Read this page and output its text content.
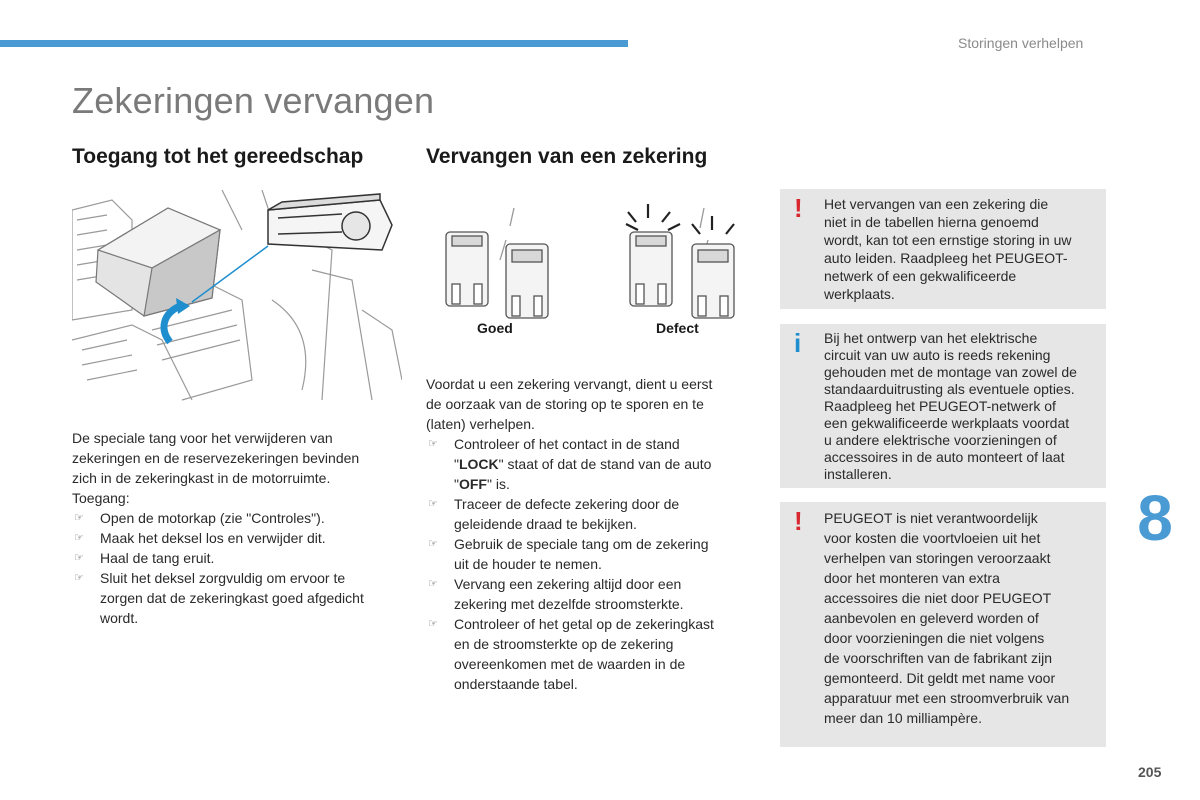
Storingen verhelpen
Zekeringen vervangen
Toegang tot het gereedschap	Vervangen van een zekering
Goed	Defect
De speciale tang voor het verwijderen van
zekeringen en de reservezekeringen bevinden
zich in de zekeringkast in de motorruimte.
Toegang:
☞ Open de motorkap (zie "Controles").
☞ Maak het deksel los en verwijder dit.
☞ Haal de tang eruit.
☞ Sluit het deksel zorgvuldig om ervoor te
zorgen dat de zekeringkast goed afgedicht
wordt.
Voordat u een zekering vervangt, dient u eerst
de oorzaak van de storing op te sporen en te
(laten) verhelpen.
☞ Controleer of het contact in de stand
"LOCK" staat of dat de stand van de auto
"OFF" is.
☞ Traceer de defecte zekering door de
geleidende draad te bekijken.
☞ Gebruik de speciale tang om de zekering
uit de houder te nemen.
☞ Vervang een zekering altijd door een
zekering met dezelfde stroomsterkte.
☞ Controleer of het getal op de zekeringkast
en de stroomsterkte op de zekering
overeenkomen met de waarden in de
onderstaande tabel.
! Het vervangen van een zekering die
niet in de tabellen hierna genoemd
wordt, kan tot een ernstige storing in uw
auto leiden. Raadpleeg het PEUGEOT-
netwerk of een gekwalificeerde
werkplaats.
i Bij het ontwerp van het elektrische
circuit van uw auto is reeds rekening
gehouden met de montage van zowel de
standaarduitrusting als eventuele opties.
Raadpleeg het PEUGEOT-netwerk of
een gekwalificeerde werkplaats voordat
u andere elektrische voorzieningen of
accessoires in de auto monteert of laat
installeren.
! PEUGEOT is niet verantwoordelijk
voor kosten die voortvloeien uit het
verhelpen van storingen veroorzaakt
door het monteren van extra
accessoires die niet door PEUGEOT
aanbevolen en geleverd worden of
door voorzieningen die niet volgens
de voorschriften van de fabrikant zijn
gemonteerd. Dit geldt met name voor
apparatuur met een stroomverbruik van
meer dan 10 milliampère.
8
205
